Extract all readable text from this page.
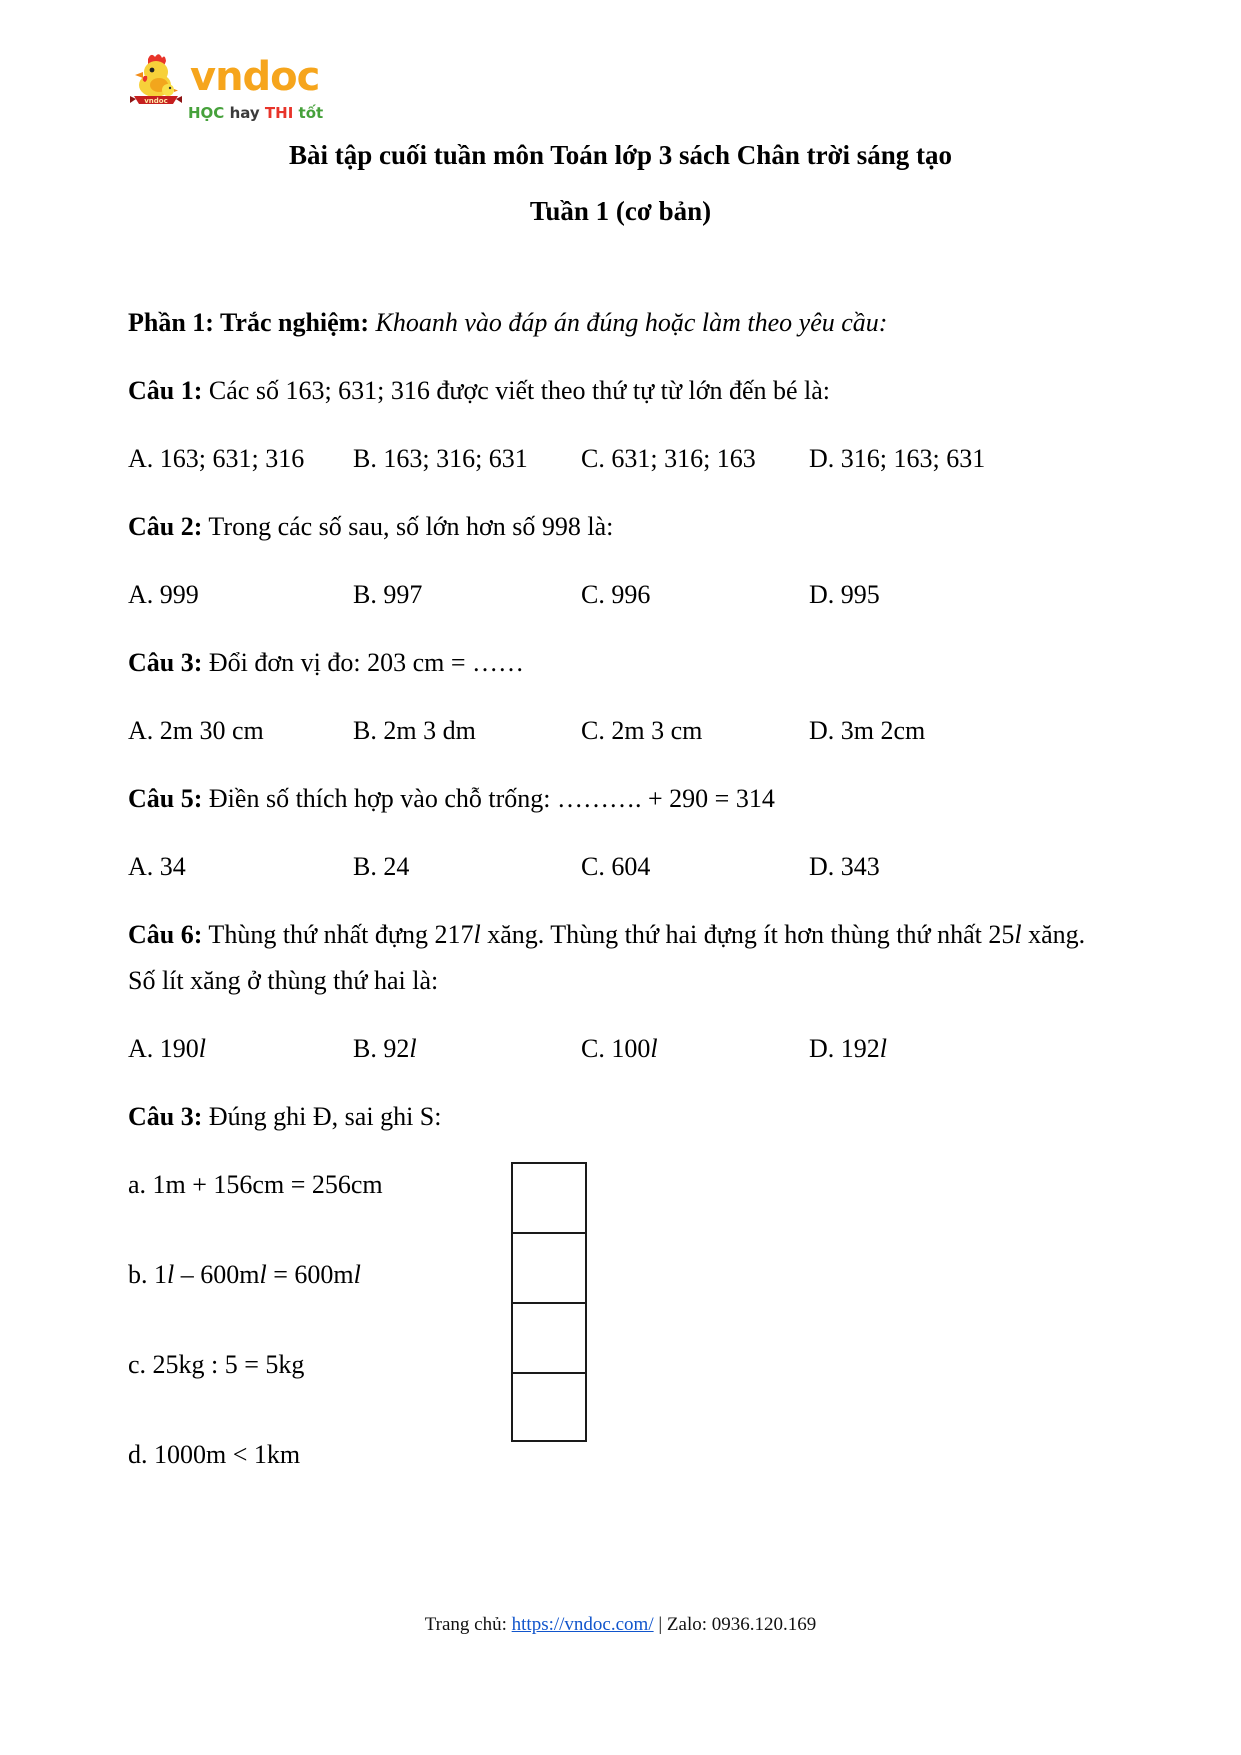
vndoc
vndoc
HỌC hay THI tốt
Bài tập cuối tuần môn Toán lớp 3 sách Chân trời sáng tạo
Tuần 1 (cơ bản)

Phần 1: Trắc nghiệm: Khoanh vào đáp án đúng hoặc làm theo yêu cầu:

Câu 1: Các số 163; 631; 316 được viết theo thứ tự từ lớn đến bé là:

A. 163; 631; 316	B. 163; 316; 631	C. 631; 316; 163	D. 316; 163; 631

Câu 2: Trong các số sau, số lớn hơn số 998 là:

A. 999	B. 997	C. 996	D. 995

Câu 3: Đổi đơn vị đo: 203 cm = ……

A. 2m 30 cm	B. 2m 3 dm	C. 2m 3 cm	D. 3m 2cm

Câu 5: Điền số thích hợp vào chỗ trống: ………. + 290 = 314

A. 34	B. 24	C. 604	D. 343

Câu 6: Thùng thứ nhất đựng 217l xăng. Thùng thứ hai đựng ít hơn thùng thứ nhất 25l xăng. Số lít xăng ở thùng thứ hai là:

A. 190l	B. 92l	C. 100l	D. 192l

Câu 3: Đúng ghi Đ, sai ghi S:

a. 1m + 156cm = 256cm
b. 1l – 600ml = 600ml
c. 25kg : 5 = 5kg
d. 1000m < 1km
Trang chủ: https://vndoc.com/ | Zalo: 0936.120.169
